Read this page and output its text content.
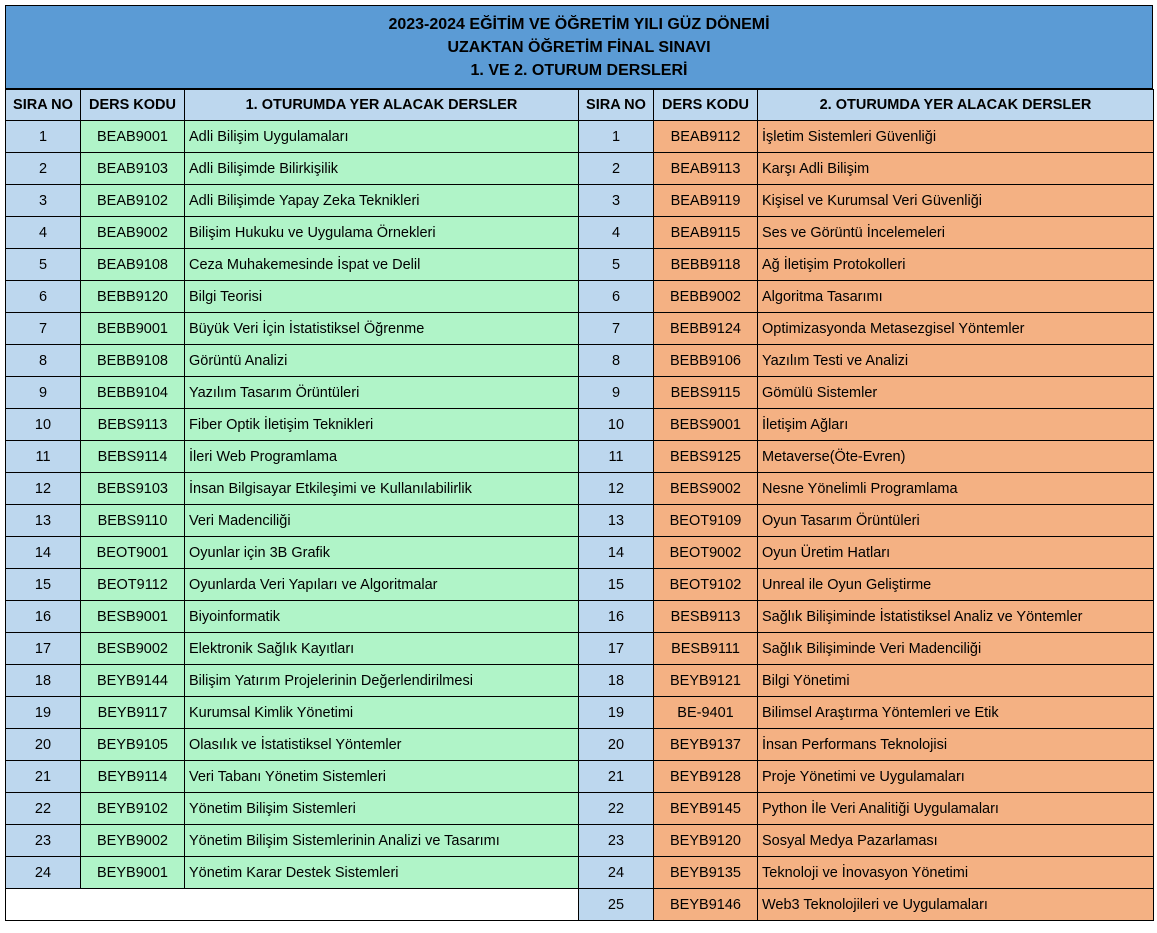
2023-2024 EĞİTİM VE ÖĞRETİM YILI GÜZ DÖNEMİ
UZAKTAN ÖĞRETİM FİNAL SINAVI
1. VE 2. OTURUM DERSLERİ
SIRA NO	DERS KODU	1. OTURUMDA YER ALACAK DERSLER	SIRA NO	DERS KODU	2. OTURUMDA YER ALACAK DERSLER
1	BEAB9001	Adli Bilişim Uygulamaları	1	BEAB9112	İşletim Sistemleri Güvenliği
2	BEAB9103	Adli Bilişimde Bilirkişilik	2	BEAB9113	Karşı Adli Bilişim
3	BEAB9102	Adli Bilişimde Yapay Zeka Teknikleri	3	BEAB9119	Kişisel ve Kurumsal Veri Güvenliği
4	BEAB9002	Bilişim Hukuku ve Uygulama Örnekleri	4	BEAB9115	Ses ve Görüntü İncelemeleri
5	BEAB9108	Ceza Muhakemesinde İspat ve Delil	5	BEBB9118	Ağ İletişim Protokolleri
6	BEBB9120	Bilgi Teorisi	6	BEBB9002	Algoritma Tasarımı
7	BEBB9001	Büyük Veri İçin İstatistiksel Öğrenme	7	BEBB9124	Optimizasyonda Metasezgisel Yöntemler
8	BEBB9108	Görüntü Analizi	8	BEBB9106	Yazılım Testi ve Analizi
9	BEBB9104	Yazılım Tasarım Örüntüleri	9	BEBS9115	Gömülü Sistemler
10	BEBS9113	Fiber Optik İletişim Teknikleri	10	BEBS9001	İletişim Ağları
11	BEBS9114	İleri Web Programlama	11	BEBS9125	Metaverse(Öte-Evren)
12	BEBS9103	İnsan Bilgisayar Etkileşimi ve Kullanılabilirlik	12	BEBS9002	Nesne Yönelimli Programlama
13	BEBS9110	Veri Madenciliği	13	BEOT9109	Oyun Tasarım Örüntüleri
14	BEOT9001	Oyunlar için 3B Grafik	14	BEOT9002	Oyun Üretim Hatları
15	BEOT9112	Oyunlarda Veri Yapıları ve Algoritmalar	15	BEOT9102	Unreal ile Oyun Geliştirme
16	BESB9001	Biyoinformatik	16	BESB9113	Sağlık Bilişiminde İstatistiksel Analiz ve Yöntemler
17	BESB9002	Elektronik Sağlık Kayıtları	17	BESB9111	Sağlık Bilişiminde Veri Madenciliği
18	BEYB9144	Bilişim Yatırım Projelerinin Değerlendirilmesi	18	BEYB9121	Bilgi Yönetimi
19	BEYB9117	Kurumsal Kimlik Yönetimi	19	BE-9401	Bilimsel Araştırma Yöntemleri ve Etik
20	BEYB9105	Olasılık ve İstatistiksel Yöntemler	20	BEYB9137	İnsan Performans Teknolojisi
21	BEYB9114	Veri Tabanı Yönetim Sistemleri	21	BEYB9128	Proje Yönetimi ve Uygulamaları
22	BEYB9102	Yönetim Bilişim Sistemleri	22	BEYB9145	Python İle Veri Analitiği Uygulamaları
23	BEYB9002	Yönetim Bilişim Sistemlerinin Analizi ve Tasarımı	23	BEYB9120	Sosyal Medya Pazarlaması
24	BEYB9001	Yönetim Karar Destek Sistemleri	24	BEYB9135	Teknoloji ve İnovasyon Yönetimi
			25	BEYB9146	Web3 Teknolojileri ve Uygulamaları
